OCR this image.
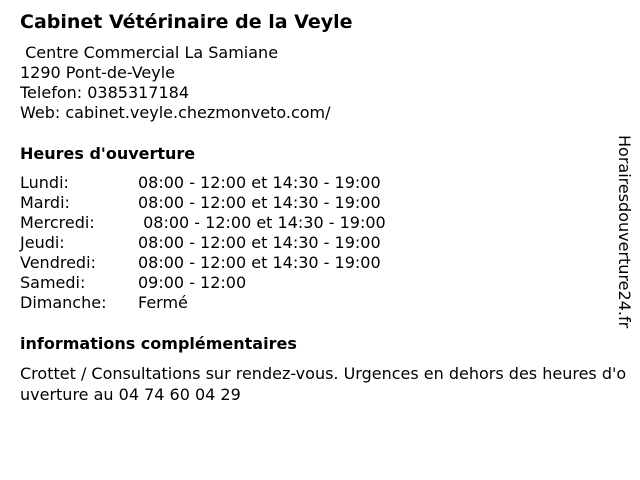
Cabinet Vétérinaire de la Veyle
Centre Commercial La Samiane
1290 Pont-de-Veyle
Telefon: 0385317184
Web: cabinet.veyle.chezmonveto.com/
Heures d'ouverture
Lundi:	08:00 - 12:00 et 14:30 - 19:00
Mardi:	08:00 - 12:00 et 14:30 - 19:00
Mercredi:	08:00 - 12:00 et 14:30 - 19:00
Jeudi:	08:00 - 12:00 et 14:30 - 19:00
Vendredi:	08:00 - 12:00 et 14:30 - 19:00
Samedi:	09:00 - 12:00
Dimanche:	Fermé
informations complémentaires
Crottet / Consultations sur rendez-vous. Urgences en dehors des heures d'ouverture au 04 74 60 04 29
Horairesdouverture24.fr
